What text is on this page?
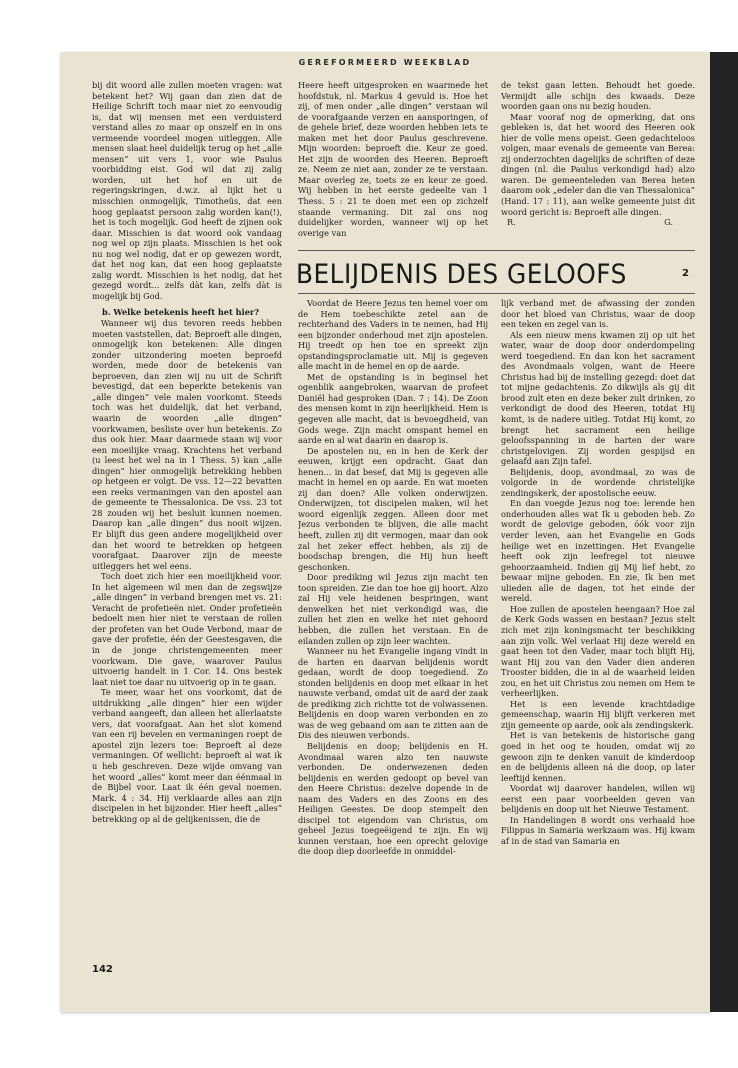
GEREFORMEERD WEEKBLAD

bij dit woord alle zullen moeten vragen: wat betekent het? Wij gaan dan zien dat de Heilige Schrift toch maar niet zo eenvoudig is, dat wij mensen met een verduisterd verstand alles zo maar op onszelf en in ons vermeende voordeel mogen uitleggen. Alle mensen slaat heel duidelijk terug op het „alle mensen” uit vers 1, voor wie Paulus voorbidding eist. God wil dat zij zalig worden, uit het hof en uit de regeringskringen, d.w.z. al lijkt het u misschien onmogelijk, Timotheüs, dat een hoog geplaatst persoon zalig worden kan(!), het is toch mogelijk. God heeft de zijnen ook daar. Misschien is dat woord ook vandaag nog wel op zijn plaats. Misschien is het ook nu nog wel nodig, dat er op gewezen wordt, dat het nog kan, dat een hoog geplaatste zalig wordt. Misschien is het nodig, dat het gezegd wordt... zelfs dàt kan, zelfs dàt is mogelijk bij God.

b. Welke betekenis heeft het hier?

Wanneer wij dus tevoren reeds hebben moeten vaststellen, dat: Beproeft alle dingen, onmogelijk kon betekenen: Alle dingen zonder uitzondering moeten beproefd worden, mede door de betekenis van beproeven, dan zien wij nu uit de Schrift bevestigd, dat een beperkte betekenis van „alle dingen” vele malen voorkomt. Steeds toch was het duidelijk, dat het verband, waarin de woorden „alle dingen” voorkwamen, besliste over hun betekenis. Zo dus ook hier. Maar daarmede staan wij voor een moeilijke vraag. Krachtens het verband (u leest het wel na in 1 Thess. 5) kan „alle dingen” hier onmogelijk betrekking hebben op hetgeen er volgt. De vss. 12—22 bevatten een reeks vermaningen van den apostel aan de gemeente te Thessalonica. De vss. 23 tot 28 zouden wij het besluit kunnen noemen. Daarop kan „alle dingen” dus nooit wijzen. Er blijft dus geen andere mogelijkheid over dan het woord te betrekken op hetgeen voorafgaat. Daarover zijn de meeste uitleggers het wel eens.

Toch doet zich hier een moeilijkheid voor. In het algemeen wil men dan de zegswijze „alle dingen” in verband brengen met vs. 21: Veracht de profetieën niet. Onder profetieën bedoelt men hier niet te verstaan de rollen der profeten van het Oude Verbond, maar de gave der profetie, één der Geestesgaven, die in de jonge christengemeenten meer voorkwam. Die gave, waarover Paulus uitvoerig handelt in 1 Cor. 14. Ons bestek laat niet toe daar nu uitvoerig op in te gaan.

Te meer, waar het ons voorkomt, dat de uitdrukking „alle dingen” hier een wijder verband aangeeft, dan alleen het allerlaatste vers, dat voorafgaat. Aan het slot komend van een rij bevelen en vermaningen roept de apostel zijn lezers toe: Beproeft al deze vermaningen. Of wellicht: beproeft al wat ik u heb geschreven. Deze wijde omvang van het woord „alles” komt meer dan éénmaal in de Bijbel voor. Laat ik één geval noemen. Mark. 4 : 34. Hij verklaarde alles aan zijn discipelen in het bijzonder. Hier heeft „alles” betrekking op al de gelijkenissen, die de

Heere heeft uitgesproken en waarmede het hoofdstuk, nl. Markus 4 gevuld is. Hoe het zij, of men onder „alle dingen” verstaan wil de voorafgaande verzen en aansporingen, of de gehele brief, deze woorden hebben iets te maken met het door Paulus geschrevene. Mijn woorden: beproeft die. Keur ze goed. Het zijn de woorden des Heeren. Beproeft ze. Neem ze niet aan, zonder ze te verstaan. Maar overleg ze, toets ze en keur ze goed. Wij hebben in het eerste gedeelte van 1 Thess. 5 : 21 te doen met een op zichzelf staande vermaning. Dit zal ons nog duidelijker worden, wanneer wij op het overige van

de tekst gaan letten. Behoudt het goede. Vermijdt alle schijn des kwaads. Deze woorden gaan ons nu bezig houden.

Maar vooraf nog de opmerking, dat ons gebleken is, dat het woord des Heeren ook hier de volle mens opeist. Geen gedachteloos volgen, maar evenals de gemeente van Berea: zij onderzochten dagelijks de schriften of deze dingen (nl. die Paulus verkondigd had) alzo waren. De gemeenteleden van Berea heten daarom ook „edeler dan die van Thessalonica” (Hand. 17 : 11), aan welke gemeente juist dit woord gericht is: Beproeft alle dingen.

R.	G.

BELIJDENIS DES GELOOFS	2

Voordat de Heere Jezus ten hemel voer om de Hem toebeschikte zetel aan de rechterhand des Vaders in te nemen, had Hij een bijzonder onderhoud met zijn apostelen. Hij treedt op hen toe en spreekt zijn opstandingsproclamatie uit. Mij is gegeven alle macht in de hemel en op de aarde.

Met de opstanding is in beginsel het ogenblik aangebroken, waarvan de profeet Daniël had gesproken (Dan. 7 : 14). De Zoon des mensen komt in zijn heerlijkheid. Hem is gegeven alle macht, dat is bevoegdheid, van Gods wege. Zijn macht omspant hemel en aarde en al wat daarin en daarop is.

De apostelen nu, en in hen de Kerk der eeuwen, krijgt een opdracht. Gaat dan henen... in dat besef, dat Mij is gegeven alle macht in hemel en op aarde. En wat moeten zij dan doen? Alle volken onderwijzen. Onderwijzen, tot discipelen maken, wil het woord eigenlijk zeggen. Alleen door met Jezus verbonden te blijven, die alle macht heeft, zullen zij dit vermogen, maar dan ook zal het zeker effect hebben, als zij de boodschap brengen, die Hij hun heeft geschonken.

Door prediking wil Jezus zijn macht ten toon spreiden. Zie dan toe hoe gij hoort. Alzo zal Hij vele heidenen bespringen, want denwelken het niet verkondigd was, die zullen het zien en welke het niet gehoord hebben, die zullen het verstaan. En de eilanden zullen op zijn leer wachten.

Wanneer nu het Evangelie ingang vindt in de harten en daarvan belijdenis wordt gedaan, wordt de doop toegediend. Zo stonden belijdenis en doop met elkaar in het nauwste verband, omdat uit de aard der zaak de prediking zich richtte tot de volwassenen. Belijdenis en doop waren verbonden en zo was de weg gebaand om aan te zitten aan de Dis des nieuwen verbonds.

Belijdenis en doop; belijdenis en H. Avondmaal waren alzo ten nauwste verbonden. De onderwezenen deden belijdenis en werden gedoopt op bevel van den Heere Christus: dezelve dopende in de naam des Vaders en des Zoons en des Heiligen Geestes. De doop stempelt den discipel tot eigendom van Christus, om geheel Jezus toegeëigend te zijn. En wij kunnen verstaan, hoe een oprecht gelovige die doop diep doorleefde in onmiddel-

lijk verband met de afwassing der zonden door het bloed van Christus, waar de doop een teken en zegel van is.

Als een nieuw mens kwamen zij op uit het water, waar de doop door onderdompeling werd toegediend. En dan kon het sacrament des Avondmaals volgen, want de Heere Christus had bij de instelling gezegd: doet dat tot mijne gedachtenis. Zo dikwijls als gij dit brood zult eten en deze beker zult drinken, zo verkondigt de dood des Heeren, totdat Hij komt, is de nadere uitleg. Totdat Hij komt, zo brengt het sacrament een heilige geloofsspanning in de harten der ware christgelovigen. Zij worden gespijsd en gelaafd aan Zijn tafel.

Belijdenis, doop, avondmaal, zo was de volgorde in de wordende christelijke zendingskerk, der apostolische eeuw.

En dan voegde Jezus nog toe: lerende hen onderhouden alles wat Ik u geboden heb. Zo wordt de gelovige geboden, óók voor zijn verder leven, aan het Evangelie en Gods heilige wet en inzettingen. Het Evangelie heeft ook zijn leefregel tot nieuwe gehoorzaamheid. Indien gij Mij lief hebt, zo bewaar mijne geboden. En zie, Ik ben met ulieden alle de dagen, tot het einde der wereld.

Hoe zullen de apostelen heengaan? Hoe zal de Kerk Gods wassen en bestaan? Jezus stelt zich met zijn koningsmacht ter beschikking aan zijn volk. Wel verlaat Hij deze wereld en gaat heen tot den Vader, maar toch blijft Hij, want Hij zou van den Vader dien anderen Trooster bidden, die in al de waarheid leiden zou, en het uit Christus zou nemen om Hem te verheerlijken.

Het is een levende krachtdadige gemeenschap, waarin Hij blijft verkeren met zijn gemeente op aarde, ook als zendingskerk.

Het is van betekenis de historische gang goed in het oog te houden, omdat wij zo gewoon zijn te denken vanuit de kinderdoop en de belijdenis alleen ná die doop, op later leeftijd kennen.

Voordat wij daarover handelen, willen wij eerst een paar voorbeelden geven van belijdenis en doop uit het Nieuwe Testament.

In Handelingen 8 wordt ons verhaald hoe Filippus in Samaria werkzaam was. Hij kwam af in de stad van Samaria en

142
